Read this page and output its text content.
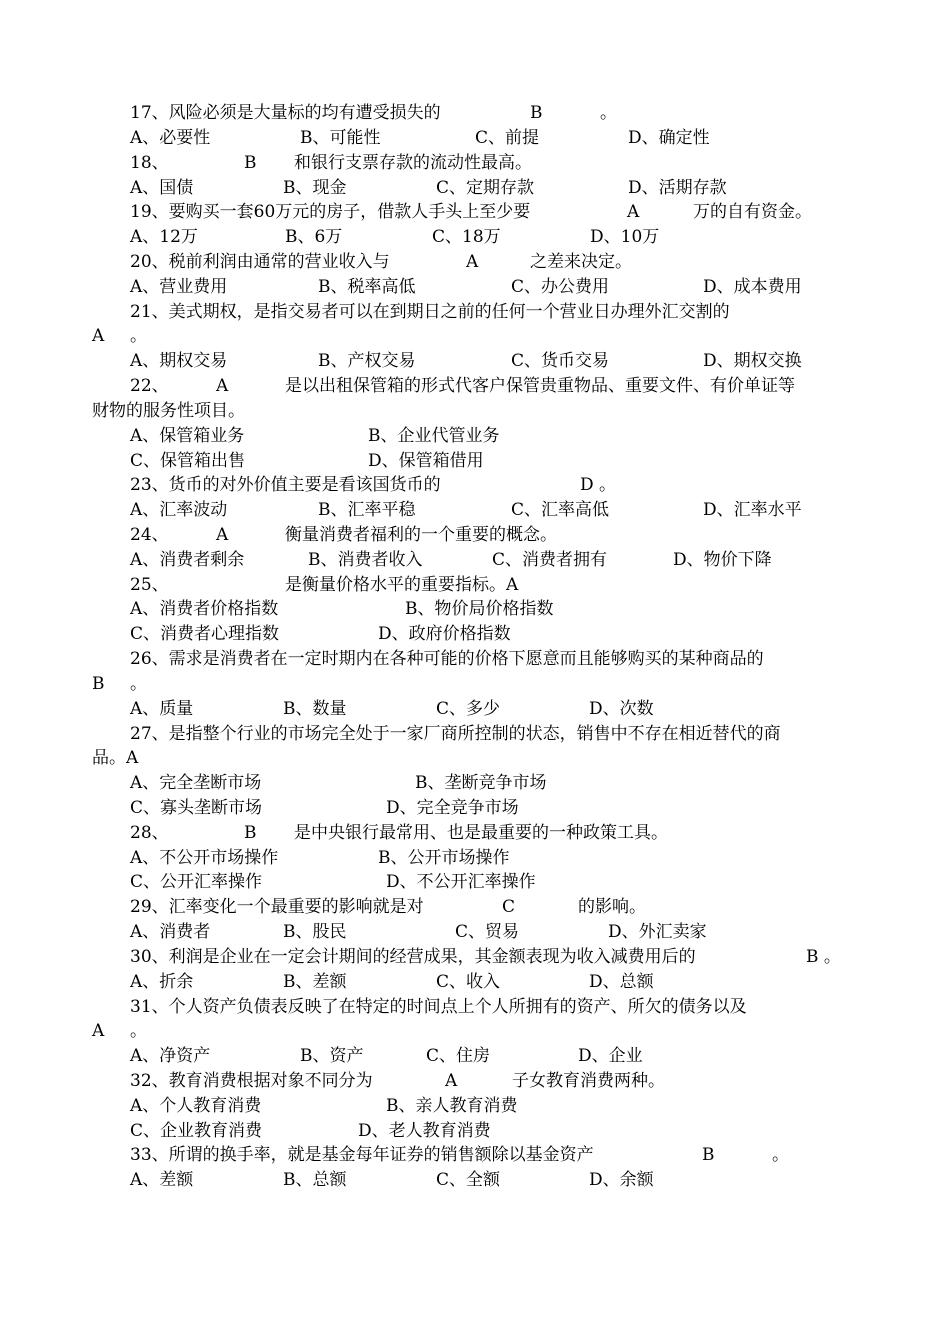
17、风险必须是大量标的均有遭受损失的	B	。
A、必要性	B、可能性	C、前提	D、确定性
18、	B 和银行支票存款的流动性最高。
A、国债	B、现金	C、定期存款	D、活期存款
19、要购买一套60万元的房子，借款人手头上至少要	A	万的自有资金。
A、12万	B、6万	C、18万	D、10万
20、税前利润由通常的营业收入与	A	之差来决定。
A、营业费用	B、税率高低	C、办公费用	D、成本费用
21、美式期权，是指交易者可以在到期日之前的任何一个营业日办理外汇交割的
A 。
A、期权交易	B、产权交易	C、货币交易	D、期权交换
22、	A	是以出租保管箱的形式代客户保管贵重物品、重要文件、有价单证等
财物的服务性项目。
A、保管箱业务	B、企业代管业务
C、保管箱出售	D、保管箱借用
23、货币的对外价值主要是看该国货币的	D 。
A、汇率波动	B、汇率平稳	C、汇率高低	D、汇率水平
24、	A	衡量消费者福利的一个重要的概念。
A、消费者剩余	B、消费者收入	C、消费者拥有	D、物价下降
25、	是衡量价格水平的重要指标。A
A、消费者价格指数	B、物价局价格指数
C、消费者心理指数	D、政府价格指数
26、需求是消费者在一定时期内在各种可能的价格下愿意而且能够购买的某种商品的
B 。
A、质量	B、数量	C、多少	D、次数
27、是指整个行业的市场完全处于一家厂商所控制的状态，销售中不存在相近替代的商
品。A
A、完全垄断市场	B、垄断竞争市场
C、寡头垄断市场	D、完全竞争市场
28、	B 是中央银行最常用、也是最重要的一种政策工具。
A、不公开市场操作	B、公开市场操作
C、公开汇率操作	D、不公开汇率操作
29、汇率变化一个最重要的影响就是对	C	的影响。
A、消费者	B、股民	C、贸易	D、外汇卖家
30、利润是企业在一定会计期间的经营成果，其金额表现为收入减费用后的	B 。
A、折余	B、差额	C、收入	D、总额
31、个人资产负债表反映了在特定的时间点上个人所拥有的资产、所欠的债务以及
A 。
A、净资产	B、资产	C、住房	D、企业
32、教育消费根据对象不同分为	A	子女教育消费两种。
A、个人教育消费	B、亲人教育消费
C、企业教育消费	D、老人教育消费
33、所谓的换手率，就是基金每年证券的销售额除以基金资产	B	。
A、差额	B、总额	C、全额	D、余额
